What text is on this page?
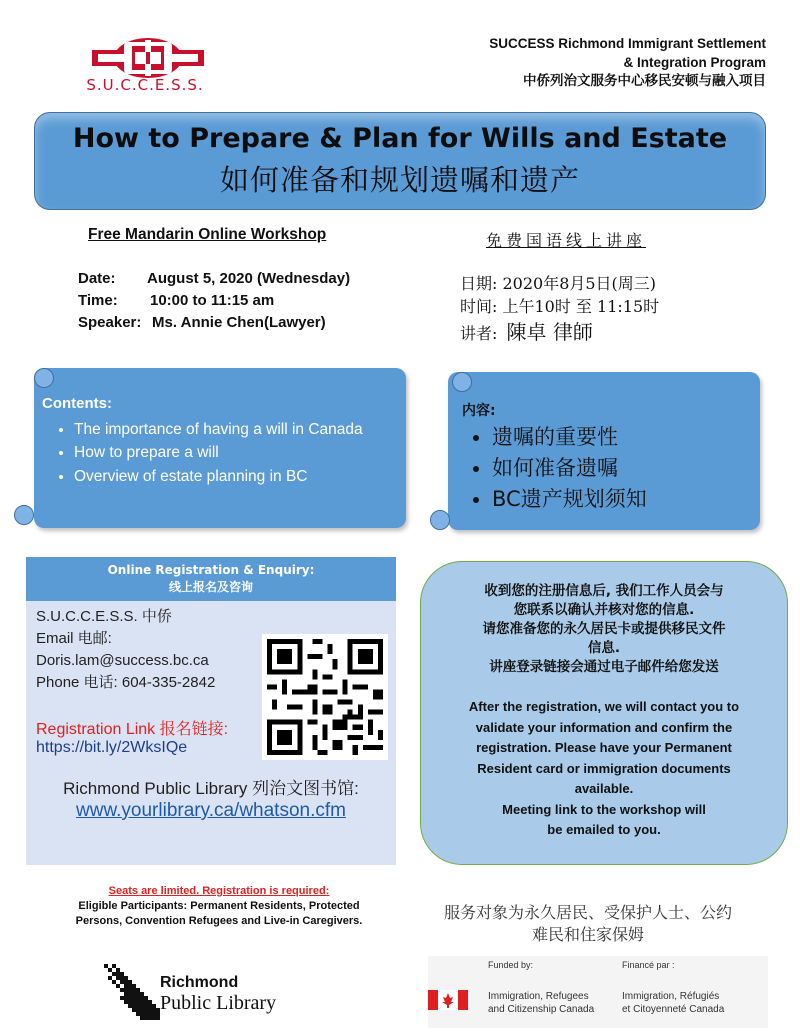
S.U.C.C.E.S.S.
SUCCESS Richmond Immigrant Settlement
& Integration Program
中侨列治文服务中心移民安顿与融入项目
How to Prepare & Plan for Wills and Estate
如何准备和规划遗嘱和遗产
Free Mandarin Online Workshop	免费国语线上讲座
Date: August 5, 2020 (Wednesday)
Time: 10:00 to 11:15 am
Speaker: Ms. Annie Chen(Lawyer)
日期: 2020年8月5日(周三)
时间: 上午10时 至 11:15时
讲者: 陳卓 律師
Contents:
• The importance of having a will in Canada
• How to prepare a will
• Overview of estate planning in BC
内容:
• 遗嘱的重要性
• 如何准备遗嘱
• BC遗产规划须知
Online Registration & Enquiry:
线上报名及咨询
S.U.C.C.E.S.S. 中侨
Email 电邮:
Doris.lam@success.bc.ca
Phone 电话: 604-335-2842
Registration Link 报名链接:
https://bit.ly/2WksIQe
Richmond Public Library 列治文图书馆:
www.yourlibrary.ca/whatson.cfm
收到您的注册信息后, 我们工作人员会与
您联系以确认并核对您的信息.
请您准备您的永久居民卡或提供移民文件
信息.
讲座登录链接会通过电子邮件给您发送
After the registration, we will contact you to
validate your information and confirm the
registration. Please have your Permanent
Resident card or immigration documents
available.
Meeting link to the workshop will
be emailed to you.
Seats are limited. Registration is required:
Eligible Participants: Permanent Residents, Protected
Persons, Convention Refugees and Live-in Caregivers.	服务对象为永久居民、受保护人士、公约
难民和住家保姆
Richmond
Public Library
Funded by:	Financé par :
Immigration, Refugees
and Citizenship Canada
Immigration, Réfugiés
et Citoyenneté Canada
